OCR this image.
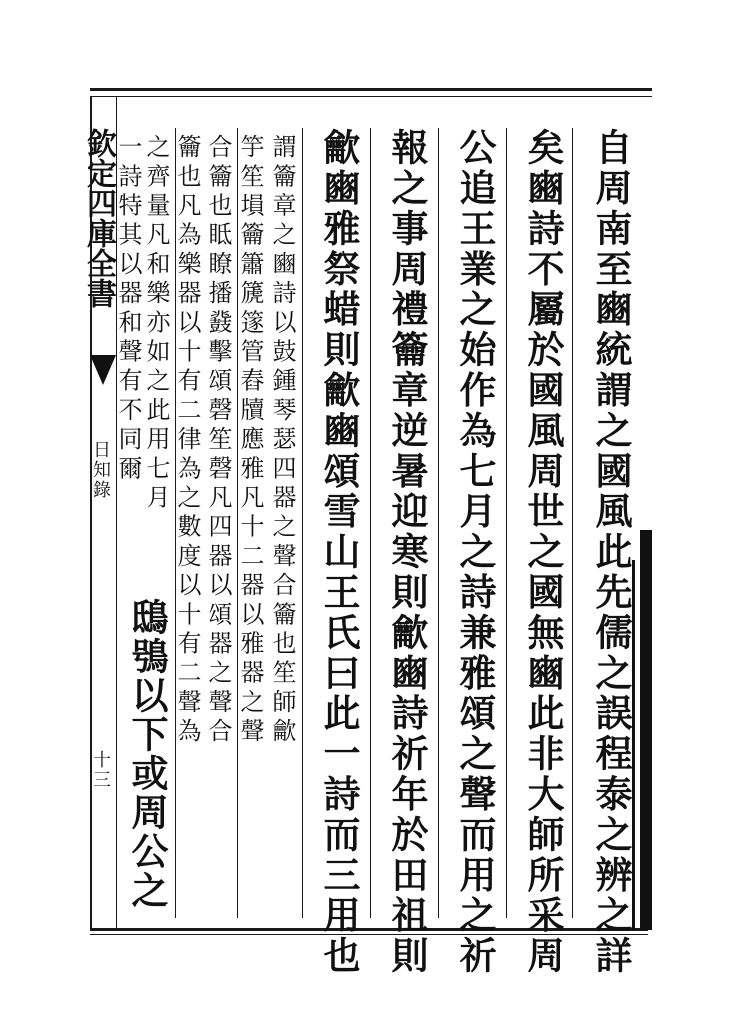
欽定四庫全書
卷
日知錄
十三	自周南至豳統謂之國風此先儒之誤程泰之辨之詳
矣豳詩不屬於國風周世之國無豳此非大師所采周
公追王業之始作為七月之詩兼雅頌之聲而用之祈
報之事周禮籥章逆暑迎寒則龡豳詩祈年於田祖則
龡豳雅祭蜡則龡豳頌雪山王氏曰此一詩而三用也
謂籥章之豳詩以鼓鍾琴瑟四器之聲合籥也笙師龡
竽笙塤籥簫篪篴管舂牘應雅凡十二器以雅器之聲
合籥也眡瞭播鼗擊頌磬笙磬凡四器以頌器之聲合
籥也凡為樂器以十有二律為之數度以十有二聲為
之齊量凡和樂亦如之此用七月
一詩特其以器和聲有不同爾
鴟鴞以下或周公之
